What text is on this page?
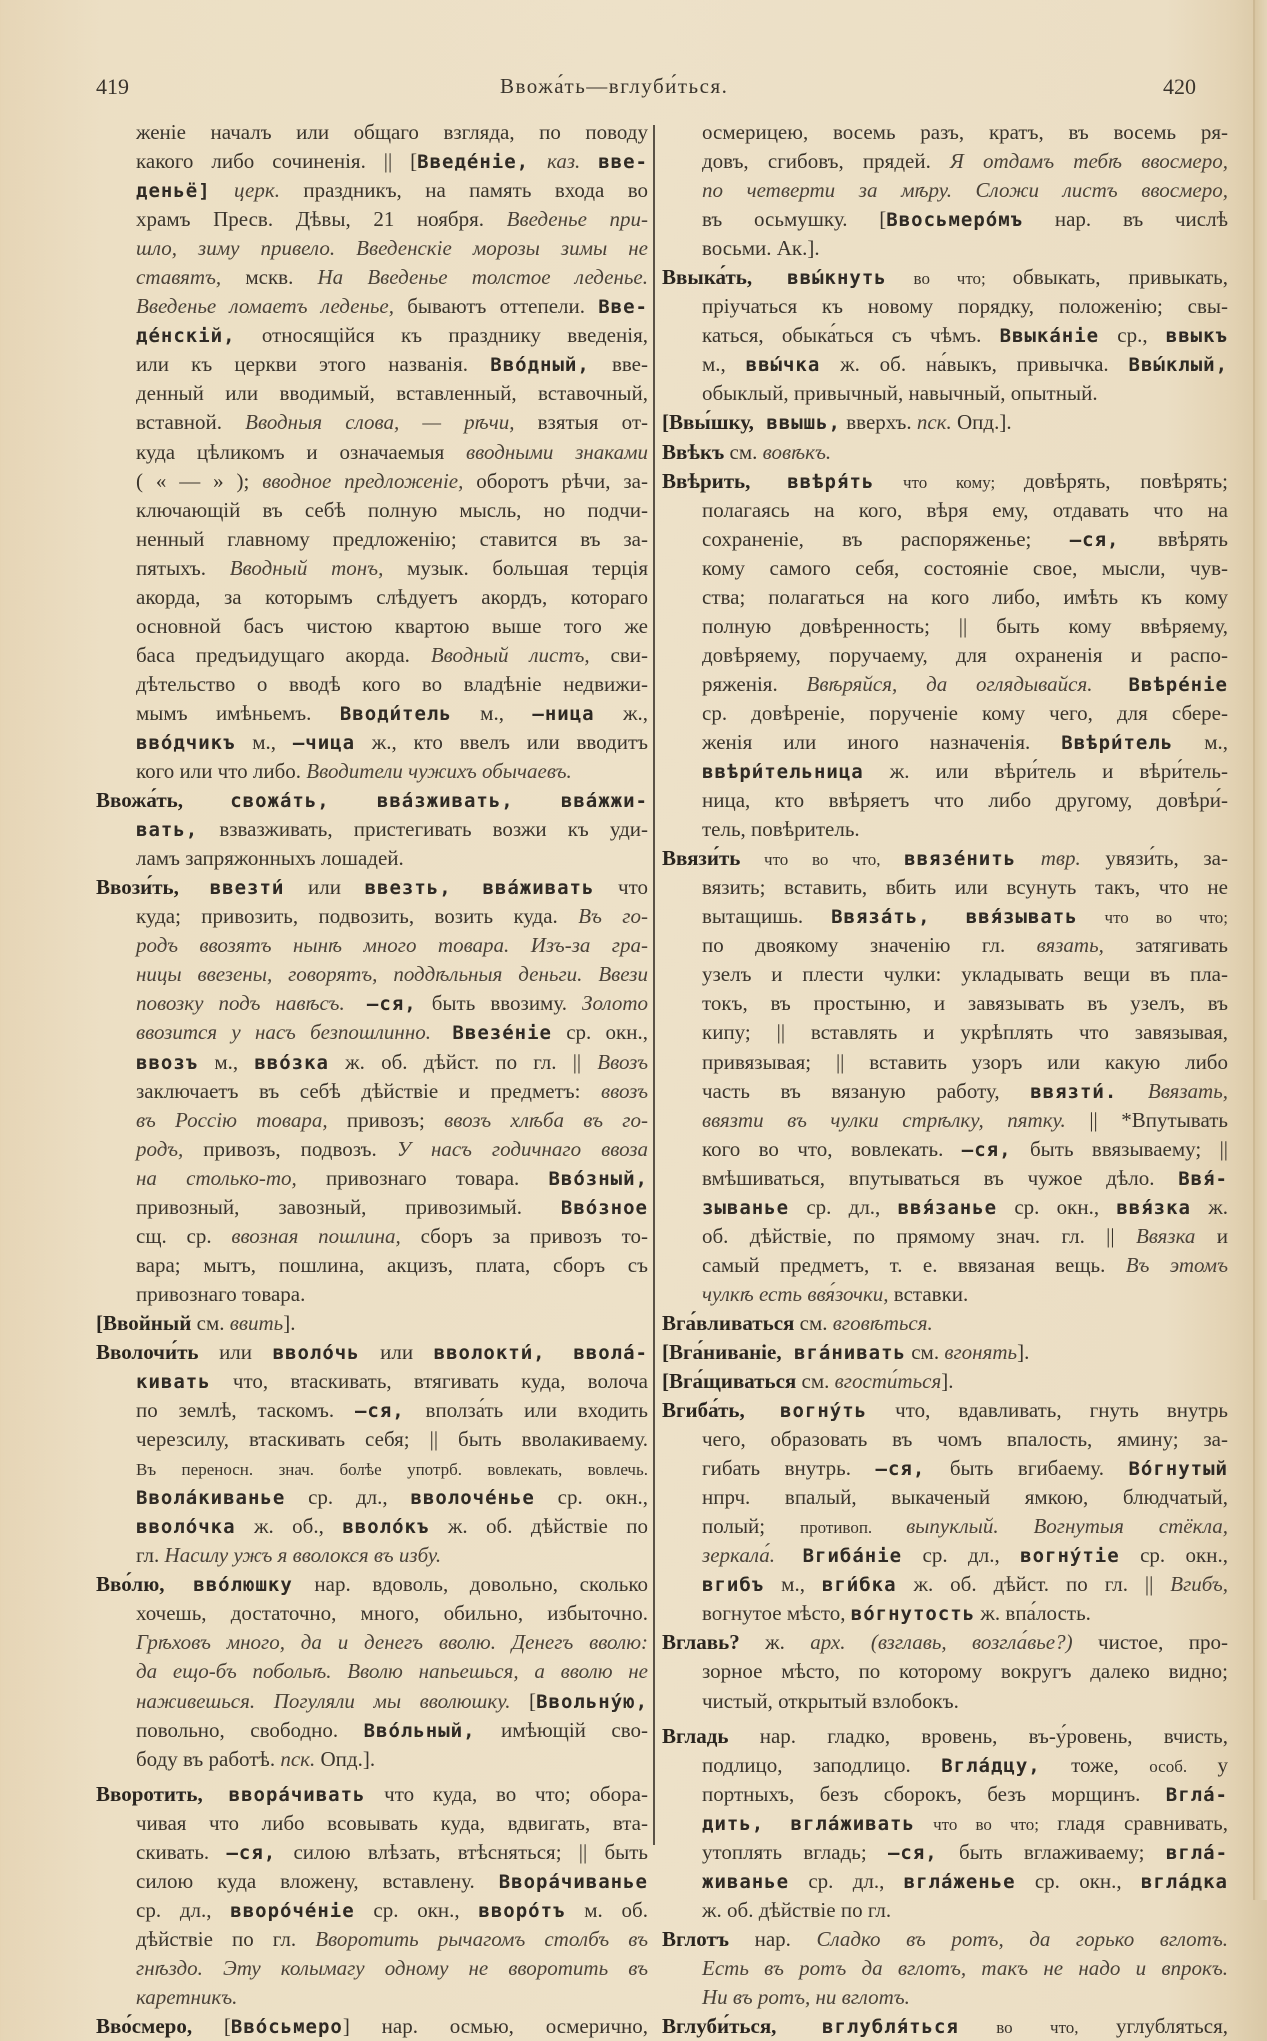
419	Ввожа́ть—вглуби́ться.	420
женіе началъ или общаго взгляда, по поводу
какого либо сочиненія. || [Введе́ніе, каз. вве-
деньё] церк. праздникъ, на память входа во
храмъ Пресв. Дѣвы, 21 ноября. Введенье при-
шло, зиму привело. Введенскіе морозы зимы не
ставятъ, мскв. На Введенье толстое леденье.
Введенье ломаетъ леденье, бываютъ оттепели. Вве-
де́нскій, относящійся къ празднику введенія,
или къ церкви этого названія. Вво́дный, вве-
денный или вводимый, вставленный, вставочный,
вставной. Вводныя слова, — рѣчи, взятыя от-
куда цѣликомъ и означаемыя вводными знаками
( « — » ); вводное предложеніе, оборотъ рѣчи, за-
ключающій въ себѣ полную мысль, но подчи-
ненный главному предложенію; ставится въ за-
пятыхъ. Вводный тонъ, музык. большая терція
акорда, за которымъ слѣдуетъ акордъ, котораго
основной басъ чистою квартою выше того же
баса предъидущаго акорда. Вводный листъ, сви-
дѣтельство о вводѣ кого во владѣніе недвижи-
мымъ имѣньемъ. Вводи́тель м., —ница ж.,
вво́дчикъ м., —чица ж., кто ввелъ или вводитъ
кого или что либо. Вводители чужихъ обычаевъ.
Ввожа́ть, свожа́ть, вва́зживать, вва́жжи-
вать, взвазживать, пристегивать возжи къ уди-
ламъ запряжонныхъ лошадей.
Ввози́ть, ввезти́ или ввезть, вва́живать что
куда; привозить, подвозить, возить куда. Въ го-
родъ ввозятъ нынѣ много товара. Изъ-за гра-
ницы ввезены, говорятъ, поддѣльныя деньги. Ввези
повозку подъ навѣсъ. —ся, быть ввозиму. Золото
ввозится у насъ безпошлинно. Ввезе́ніе ср. окн.,
ввозъ м., вво́зка ж. об. дѣйст. по гл. || Ввозъ
заключаетъ въ себѣ дѣйствіе и предметъ: ввозъ
въ Россію товара, привозъ; ввозъ хлѣба въ го-
родъ, привозъ, подвозъ. У насъ годичнаго ввоза
на столько-то, привознаго товара. Вво́зный,
привозный, завозный, привозимый. Вво́зное
сщ. ср. ввозная пошлина, сборъ за привозъ то-
вара; мытъ, пошлина, акцизъ, плата, сборъ съ
привознаго товара.
[Ввойный см. ввить].
Вволочи́ть или вволо́чь или вволокти́, ввола́-
кивать что, втаскивать, втягивать куда, волоча
по землѣ, таскомъ. —ся, вполза́ть или входить
черезсилу, втаскивать себя; || быть вволакиваему.
Въ переносн. знач. болѣе употрб. вовлекать, вовлечь.
Ввола́киванье ср. дл., вволоче́нье ср. окн.,
вволо́чка ж. об., вволо́къ ж. об. дѣйствіе по
гл. Насилу ужъ я вволокся въ избу.
Вво́лю, вво́люшку нар. вдоволь, довольно, сколько
хочешь, достаточно, много, обильно, избыточно.
Грѣховъ много, да и денегъ вволю. Денегъ вволю:
да ещо-бъ побольѣ. Вволю напьешься, а вволю не
наживешься. Погуляли мы вволюшку. [Ввольну́ю,
повольно, свободно. Вво́льный, имѣющій сво-
боду въ работѣ. пск. Опд.].
Вворотить, ввора́чивать что куда, во что; обора-
чивая что либо всовывать куда, вдвигать, вта-
скивать. —ся, силою влѣзать, втѣсняться; || быть
силою куда вложену, вставлену. Ввора́чиванье
ср. дл., вворо́че́ніе ср. окн., вворо́тъ м. об.
дѣйствіе по гл. Вворотить рычагомъ столбъ въ
гнѣздо. Эту колымагу одному не вворотить въ
каретникъ.
Вво́смеро, [Вво́сьмеро] нар. осмью, осмерично,
осмерицею, восемь разъ, кратъ, въ восемь ря-
довъ, сгибовъ, прядей. Я отдамъ тебѣ ввосмеро,
по четверти за мѣру. Сложи листъ ввосмеро,
въ осьмушку. [Ввосьмеро́мъ нар. въ числѣ
восьми. Ак.].
Ввыка́ть, ввы́кнуть во что; обвыкать, привыкать,
пріучаться къ новому порядку, положенію; свы-
каться, обыка́ться съ чѣмъ. Ввыка́ніе ср., ввыкъ
м., ввы́чка ж. об. на́выкъ, привычка. Ввы́клый,
обыклый, привычный, навычный, опытный.
[Ввы́шку, ввышь, вверхъ. пск. Опд.].
Ввѣкъ см. вовѣкъ.
Ввѣрить, ввѣря́ть что кому; довѣрять, повѣрять;
полагаясь на кого, вѣря ему, отдавать что на
сохраненіе, въ распоряженье; —ся, ввѣрять
кому самого себя, состояніе свое, мысли, чув-
ства; полагаться на кого либо, имѣть къ кому
полную довѣренность; || быть кому ввѣряему,
довѣряему, поручаему, для охраненія и распо-
ряженія. Ввѣряйся, да оглядывайся. Ввѣре́ніе
ср. довѣреніе, порученіе кому чего, для сбере-
женія или иного назначенія. Ввѣри́тель м.,
ввѣри́тельница ж. или вѣри́тель и вѣри́тель-
ница, кто ввѣряетъ что либо другому, довѣри́-
тель, повѣритель.
Ввязи́ть что во что, ввязе́нить твр. увязи́ть, за-
вязить; вставить, вбить или всунуть такъ, что не
вытащишь. Ввяза́ть, ввя́зывать что во что;
по двоякому значенію гл. вязать, затягивать
узелъ и плести чулки: укладывать вещи въ пла-
токъ, въ простыню, и завязывать въ узелъ, въ
кипу; || вставлять и укрѣплять что завязывая,
привязывая; || вставить узоръ или какую либо
часть въ вязаную работу, ввязти́. Ввязать,
ввязти въ чулки стрѣлку, пятку. || *Впутывать
кого во что, вовлекать. —ся, быть ввязываему; ||
вмѣшиваться, впутываться въ чужое дѣло. Ввя́-
зыванье ср. дл., ввя́занье ср. окн., ввя́зка ж.
об. дѣйствіе, по прямому знач. гл. || Ввязка и
самый предметъ, т. е. ввязаная вещь. Въ этомъ
чулкѣ есть ввя́зочки, вставки.
Вга́вливаться см. вговѣться.
[Вга́ниваніе, вга́нивать см. вгонять].
[Вга́щиваться см. вгости́ться].
Вгиба́ть, вогну́ть что, вдавливать, гнуть внутрь
чего, образовать въ чомъ впалость, ямину; за-
гибать внутрь. —ся, быть вгибаему. Во́гнутый
нпрч. впалый, выкаченый ямкою, блюдчатый,
полый; противоп. выпуклый. Вогнутыя стёкла,
зеркала́. Вгиба́ніе ср. дл., вогну́тіе ср. окн.,
вгибъ м., вги́бка ж. об. дѣйст. по гл. || Вгибъ,
вогнутое мѣсто, во́гнутость ж. впа́лость.
Вглавь? ж. арх. (взглавь, возгла́вье?) чистое, про-
зорное мѣсто, по которому вокругъ далеко видно;
чистый, открытый взлобокъ.
Вгладь нар. гладко, вровень, въ-у́ровень, вчисть,
подлицо, заподлицо. Вгла́дцу, тоже, особ. у
портныхъ, безъ сборокъ, безъ морщинъ. Вгла́-
дить, вгла́живать что во что; гладя сравнивать,
утоплять вгладь; —ся, быть вглаживаему; вгла́-
живанье ср. дл., вгла́женье ср. окн., вгла́дка
ж. об. дѣйствіе по гл.
Вглотъ нар. Сладко въ ротъ, да горько вглотъ.
Есть въ ротъ да вглотъ, такъ не надо и впрокъ.
Ни въ ротъ, ни вглотъ.
Вглуби́ться, вглубля́ться во что, углубляться,
